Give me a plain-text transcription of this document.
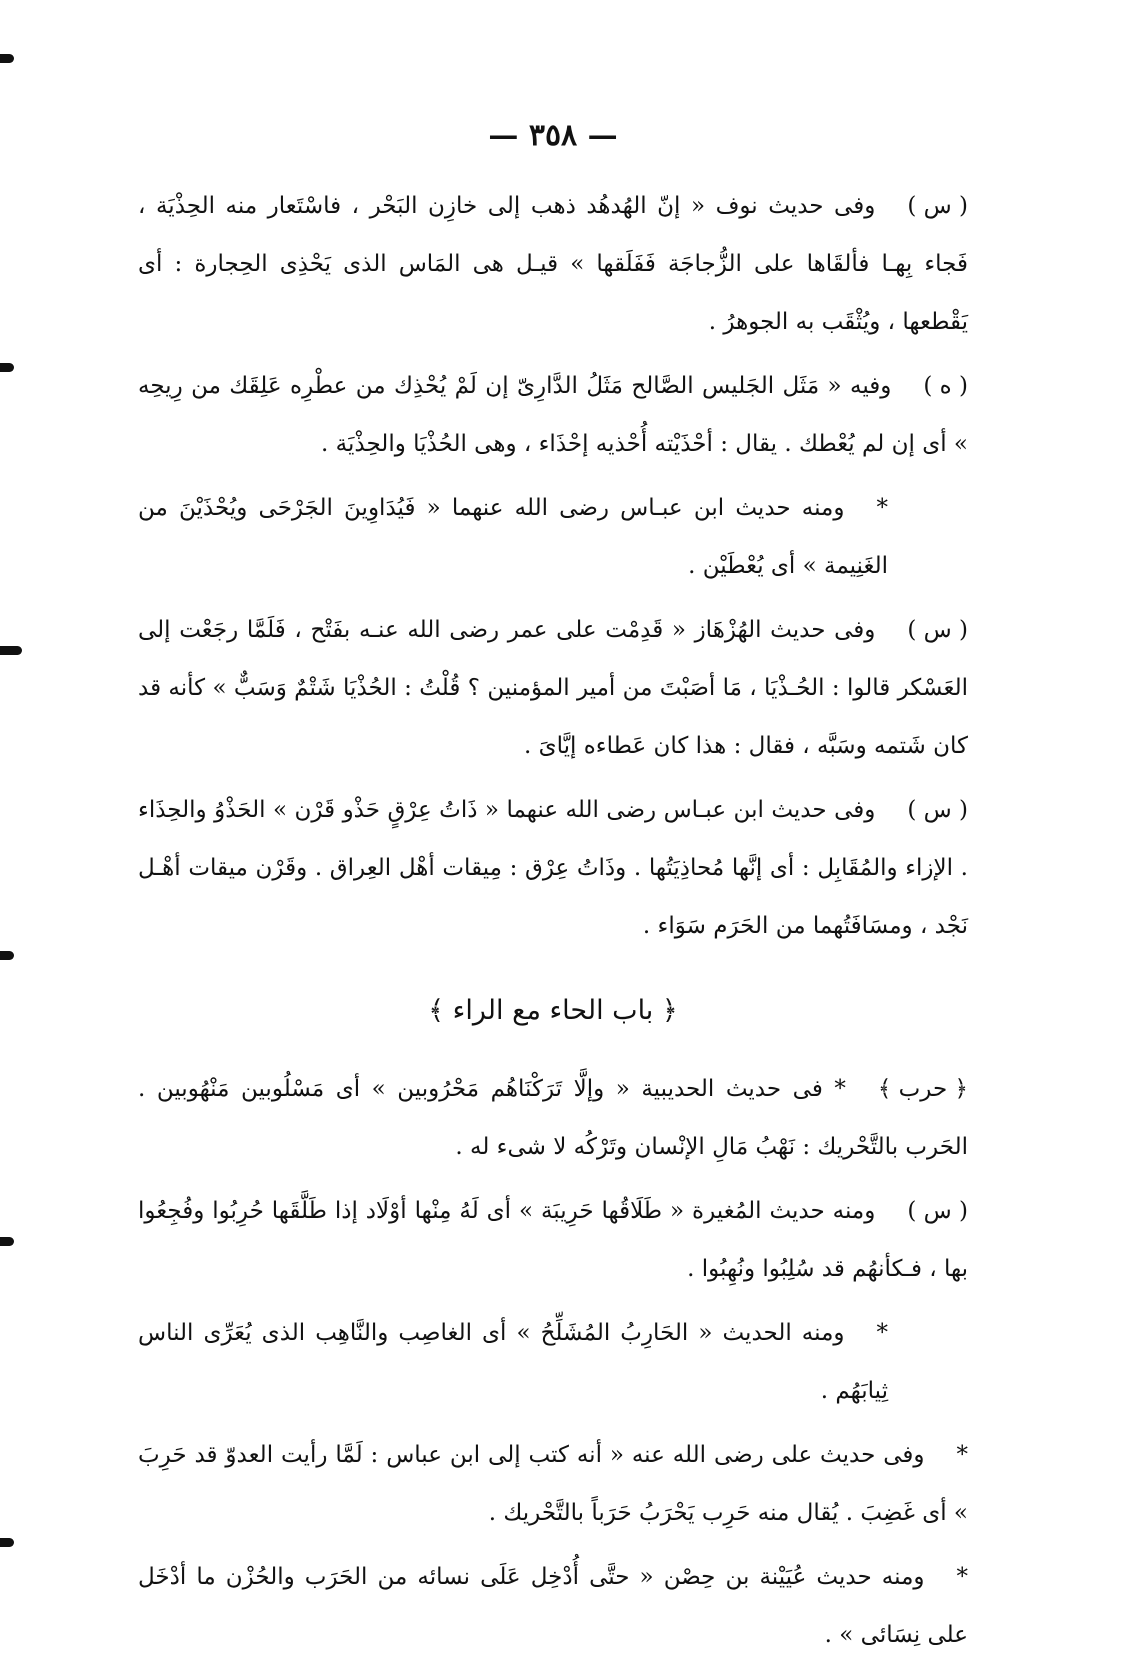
— ٣٥٨ —

( س )وفى حديث نوف « إنّ الهُدهُد ذهب إلى خازِن البَحْر ، فاسْتَعار منه الحِذْيَة ، فَجاء بِهـا فألقَاها على الزُّجاجَة فَفَلَقها » قيـل هى المَاس الذى يَحْذِى الحِجارة : أى يَقْطعها ، ويُثْقَب به الجوهرُ .

( ه )وفيه « مَثَل الجَليس الصَّالح مَثَلُ الدَّارِىّ إن لَمْ يُحْذِك من عطْرِه عَلِقَك من رِيحِه » أى إن لم يُعْطك . يقال : أحْذَيْته أُحْذيه إحْذَاء ، وهى الحُذْيَا والحِذْيَة .

*ومنه حديث ابن عبـاس رضى الله عنهما « فَيُدَاوِينَ الجَرْحَى ويُحْذَيْنَ من الغَنِيمة » أى يُعْطَيْن .

( س )وفى حديث الهُزْهَاز « قَدِمْت على عمر رضى الله عنـه بفَتْح ، فَلَمَّا رجَعْت إلى العَسْكر قالوا : الحُـذْيَا ، مَا أصَبْتَ من أمير المؤمنين ؟ قُلْتُ : الحُذْيَا شَتْمٌ وَسَبٌّ » كأنه قد كان شَتمه وسَبَّه ، فقال : هذا كان عَطاءه إيَّاىَ .

( س )وفى حديث ابن عبـاس رضى الله عنهما « ذَاتُ عِرْقٍ حَذْو قَرْن » الحَذْوُ والحِذَاء . الإزاء والمُقَابِل : أى إنَّها مُحاذِيَتُها . وذَاتُ عِرْق : مِيقات أهْل العِراق . وقَرْن ميقات أهْـل نَجْد ، ومسَافَتُهما من الحَرَم سَوَاء .

﴿ باب الحاء مع الراء ﴾

﴿ حرب ﴾* فى حديث الحديبية « وإلَّا تَرَكْنَاهُم مَحْرُوبين » أى مَسْلُوبين مَنْهُوبين . الحَرب بالتَّحْريك : نَهْبُ مَالِ الإنْسان وتَرْكُه لا شىء له .

( س )ومنه حديث المُغيرة « طَلَاقُها حَرِيبَة » أى لَهُ مِنْها أوْلَاد إذا طَلَّقَها حُرِبُوا وفُجِعُوا بها ، فـكأنهُم قد سُلِبُوا ونُهِبُوا .

*ومنه الحديث « الحَارِبُ المُشَلِّحُ » أى الغاصِب والنَّاهِب الذى يُعَرِّى الناس ثِيابَهُم .

*وفى حديث على رضى الله عنه « أنه كتب إلى ابن عباس : لَمَّا رأيت العدوّ قد حَرِبَ » أى غَضِبَ . يُقال منه حَرِب يَحْرَبُ حَرَباً بالتَّحْريك .

*ومنه حديث عُيَيْنة بن حِصْن « حتَّى أُدْخِل عَلَى نسائه من الحَرَب والحُزْن ما أدْخَل على نِسَائى » .
